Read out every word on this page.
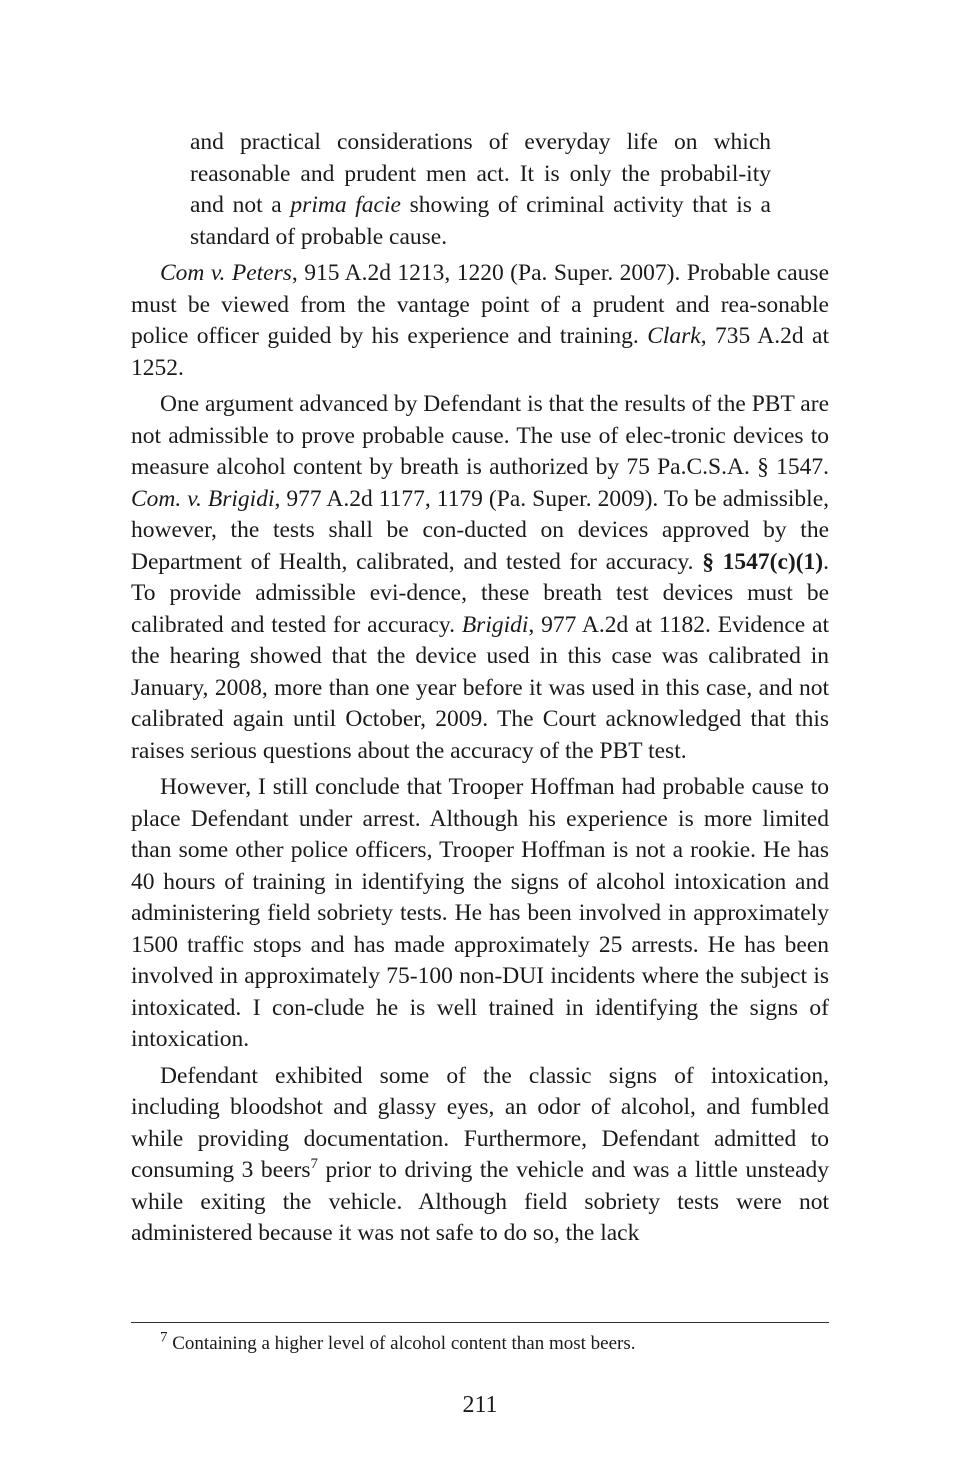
and practical considerations of everyday life on which reasonable and prudent men act. It is only the probabil-ity and not a prima facie showing of criminal activity that is a standard of probable cause.

Com v. Peters, 915 A.2d 1213, 1220 (Pa. Super. 2007). Probable cause must be viewed from the vantage point of a prudent and rea-sonable police officer guided by his experience and training. Clark, 735 A.2d at 1252.

One argument advanced by Defendant is that the results of the PBT are not admissible to prove probable cause. The use of elec-tronic devices to measure alcohol content by breath is authorized by 75 Pa.C.S.A. § 1547. Com. v. Brigidi, 977 A.2d 1177, 1179 (Pa. Super. 2009). To be admissible, however, the tests shall be con-ducted on devices approved by the Department of Health, calibrated, and tested for accuracy. § 1547(c)(1). To provide admissible evi-dence, these breath test devices must be calibrated and tested for accuracy. Brigidi, 977 A.2d at 1182. Evidence at the hearing showed that the device used in this case was calibrated in January, 2008, more than one year before it was used in this case, and not calibrated again until October, 2009. The Court acknowledged that this raises serious questions about the accuracy of the PBT test.

However, I still conclude that Trooper Hoffman had probable cause to place Defendant under arrest. Although his experience is more limited than some other police officers, Trooper Hoffman is not a rookie. He has 40 hours of training in identifying the signs of alcohol intoxication and administering field sobriety tests. He has been involved in approximately 1500 traffic stops and has made approximately 25 arrests. He has been involved in approximately 75-100 non-DUI incidents where the subject is intoxicated. I con-clude he is well trained in identifying the signs of intoxication.

Defendant exhibited some of the classic signs of intoxication, including bloodshot and glassy eyes, an odor of alcohol, and fumbled while providing documentation. Furthermore, Defendant admitted to consuming 3 beers$^7$ prior to driving the vehicle and was a little unsteady while exiting the vehicle. Although field sobriety tests were not administered because it was not safe to do so, the lack

$^7$ Containing a higher level of alcohol content than most beers.
211
